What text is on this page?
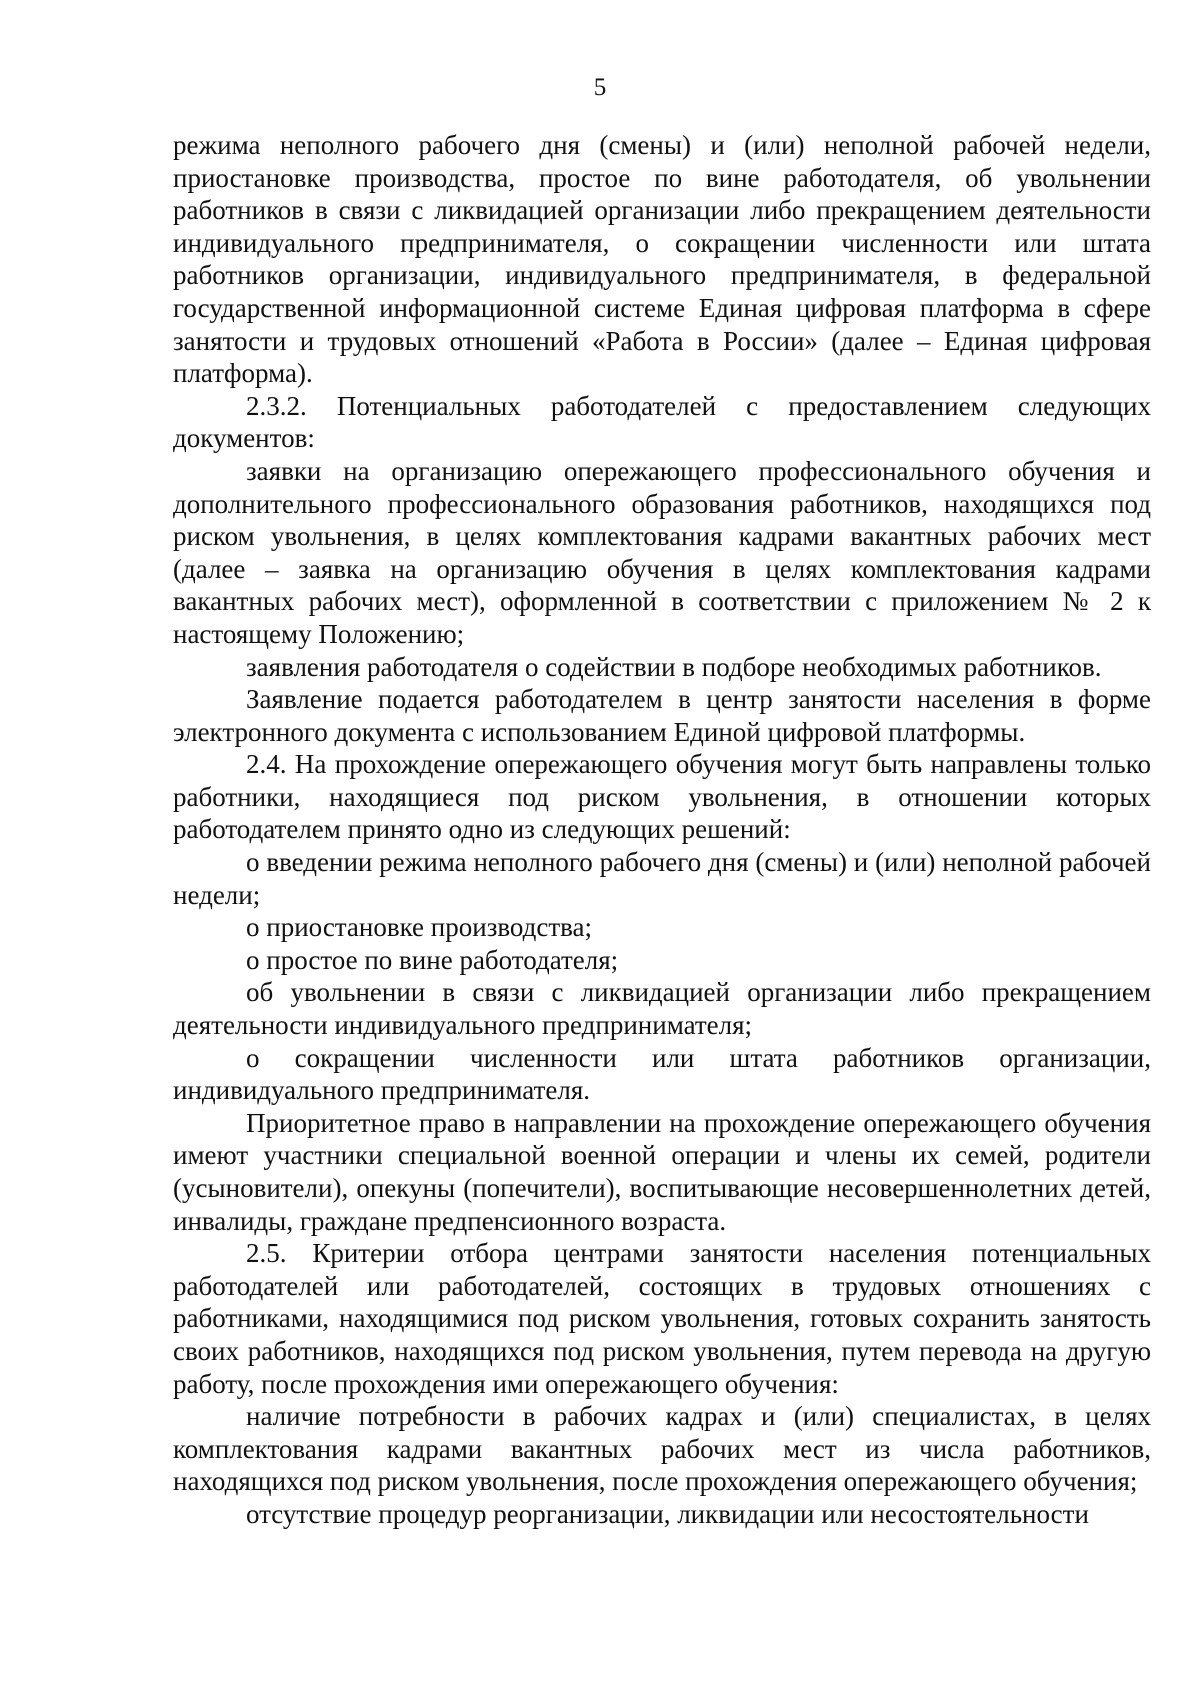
5

режима неполного рабочего дня (смены) и (или) неполной рабочей недели, приостановке производства, простое по вине работодателя, об увольнении работников в связи с ликвидацией организации либо прекращением деятельности индивидуального предпринимателя, о сокращении численности или штата работников организации, индивидуального предпринимателя, в федеральной государственной информационной системе Единая цифровая платформа в сфере занятости и трудовых отношений «Работа в России» (далее – Единая цифровая платформа).

2.3.2. Потенциальных работодателей с предоставлением следующих документов:

заявки на организацию опережающего профессионального обучения и дополнительного профессионального образования работников, находящихся под риском увольнения, в целях комплектования кадрами вакантных рабочих мест (далее – заявка на организацию обучения в целях комплектования кадрами вакантных рабочих мест), оформленной в соответствии с приложением № 2 к настоящему Положению;

заявления работодателя о содействии в подборе необходимых работников.

Заявление подается работодателем в центр занятости населения в форме электронного документа с использованием Единой цифровой платформы.

2.4. На прохождение опережающего обучения могут быть направлены только работники, находящиеся под риском увольнения, в отношении которых работодателем принято одно из следующих решений:

о введении режима неполного рабочего дня (смены) и (или) неполной рабочей недели;

о приостановке производства;

о простое по вине работодателя;

об увольнении в связи с ликвидацией организации либо прекращением деятельности индивидуального предпринимателя;

о сокращении численности или штата работников организации, индивидуального предпринимателя.

Приоритетное право в направлении на прохождение опережающего обучения имеют участники специальной военной операции и члены их семей, родители (усыновители), опекуны (попечители), воспитывающие несовершеннолетних детей, инвалиды, граждане предпенсионного возраста.

2.5. Критерии отбора центрами занятости населения потенциальных работодателей или работодателей, состоящих в трудовых отношениях с работниками, находящимися под риском увольнения, готовых сохранить занятость своих работников, находящихся под риском увольнения, путем перевода на другую работу, после прохождения ими опережающего обучения:

наличие потребности в рабочих кадрах и (или) специалистах, в целях комплектования кадрами вакантных рабочих мест из числа работников, находящихся под риском увольнения, после прохождения опережающего обучения;

отсутствие процедур реорганизации, ликвидации или несостоятельности
